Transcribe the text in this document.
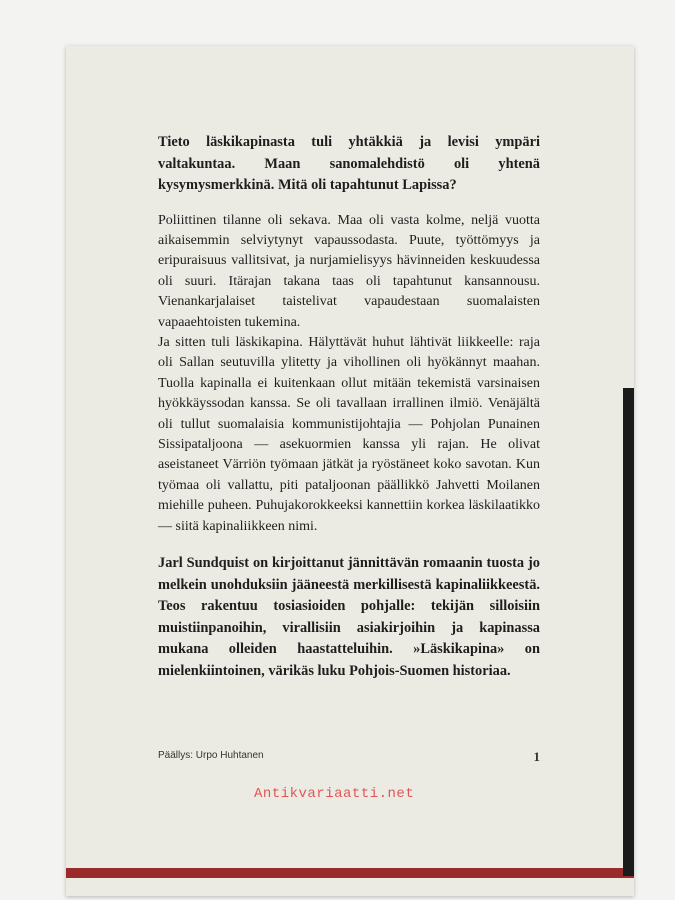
Tieto läskikapinasta tuli yhtäkkiä ja levisi ympäri valtakuntaa. Maan sanomalehdistö oli yhtenä kysymysmerkkinä. Mitä oli tapahtunut Lapissa?

Poliittinen tilanne oli sekava. Maa oli vasta kolme, neljä vuotta aikaisemmin selviytynyt vapaussodasta. Puute, työttömyys ja eripuraisuus vallitsivat, ja nurjamielisyys hävinneiden keskuudessa oli suuri. Itärajan takana taas oli tapahtunut kansannousu. Vienankarjalaiset taistelivat vapaudestaan suomalaisten vapaaehtoisten tukemina.

Ja sitten tuli läskikapina. Hälyttävät huhut lähtivät liikkeelle: raja oli Sallan seutuvilla ylitetty ja vihollinen oli hyökännyt maahan. Tuolla kapinalla ei kuitenkaan ollut mitään tekemistä varsinaisen hyökkäyssodan kanssa. Se oli tavallaan irrallinen ilmiö. Venäjältä oli tullut suomalaisia kommunistijohtajia — Pohjolan Punainen Sissipataljoona — asekuormien kanssa yli rajan. He olivat aseistaneet Värriön työmaan jätkät ja ryöstäneet koko savotan. Kun työmaa oli vallattu, piti pataljoonan päällikkö Jahvetti Moilanen miehille puheen. Puhujakorokkeeksi kannettiin korkea läskilaatikko — siitä kapinaliikkeen nimi.

Jarl Sundquist on kirjoittanut jännittävän romaanin tuosta jo melkein unohduksiin jääneestä merkillisestä kapinaliikkeestä. Teos rakentuu tosiasioiden pohjalle: tekijän silloisiin muistiinpanoihin, virallisiin asiakirjoihin ja kapinassa mukana olleiden haastatteluihin. »Läskikapina» on mielenkiintoinen, värikäs luku Pohjois-Suomen historiaa.

Päällys: Urpo Huhtanen	1
Antikvariaatti.net
